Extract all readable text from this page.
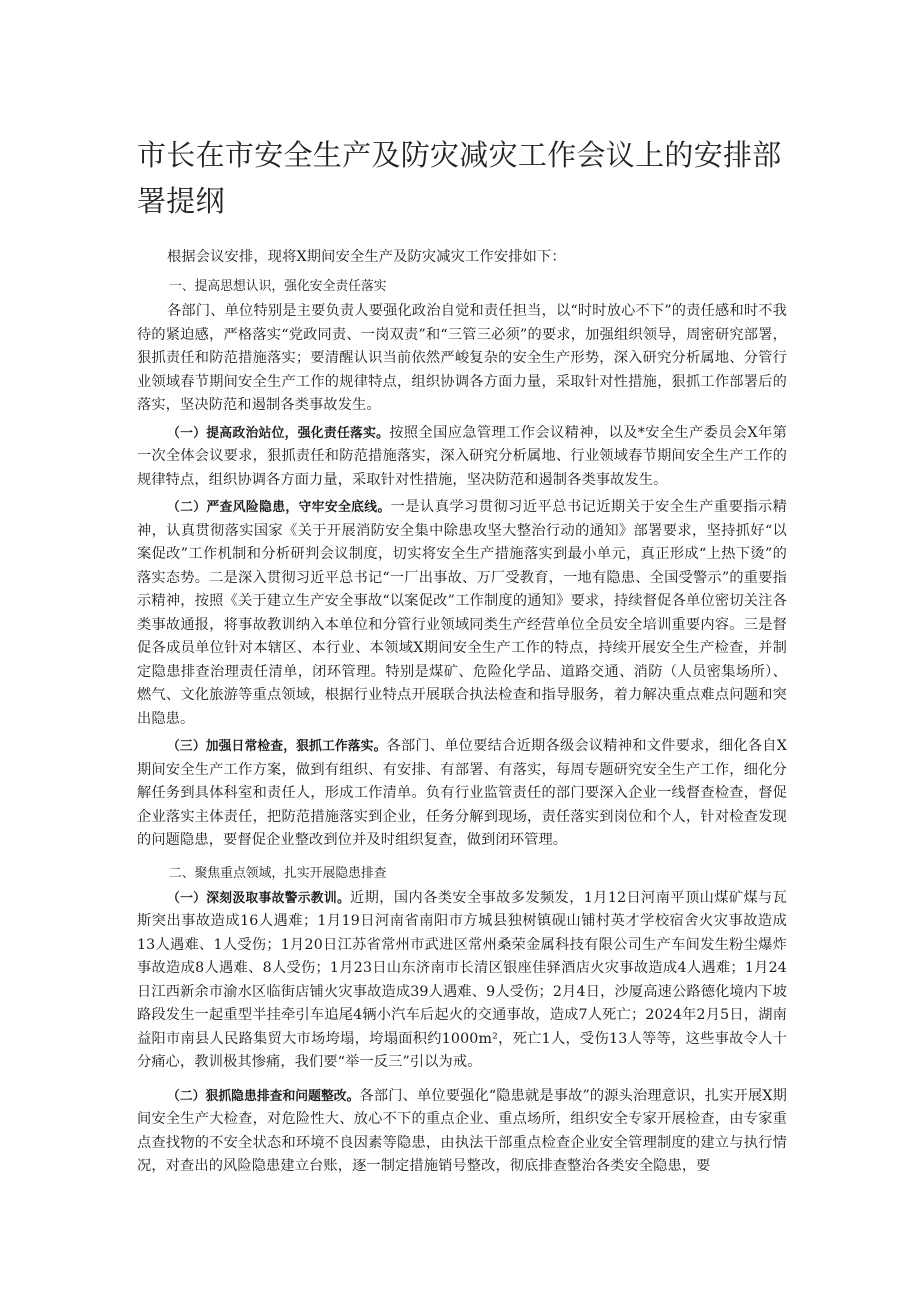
市长在市安全生产及防灾减灾工作会议上的安排部署提纲

根据会议安排，现将X期间安全生产及防灾减灾工作安排如下：

一、提高思想认识，强化安全责任落实

各部门、单位特别是主要负责人要强化政治自觉和责任担当，以“时时放心不下”的责任感和时不我待的紧迫感，严格落实“党政同责、一岗双责”和“三管三必须”的要求，加强组织领导，周密研究部署，狠抓责任和防范措施落实；要清醒认识当前依然严峻复杂的安全生产形势，深入研究分析属地、分管行业领域春节期间安全生产工作的规律特点，组织协调各方面力量，采取针对性措施，狠抓工作部署后的落实，坚决防范和遏制各类事故发生。

（一）提高政治站位，强化责任落实。按照全国应急管理工作会议精神，以及*安全生产委员会X年第一次全体会议要求，狠抓责任和防范措施落实，深入研究分析属地、行业领域春节期间安全生产工作的规律特点，组织协调各方面力量，采取针对性措施，坚决防范和遏制各类事故发生。

（二）严查风险隐患，守牢安全底线。一是认真学习贯彻习近平总书记近期关于安全生产重要指示精神，认真贯彻落实国家《关于开展消防安全集中除患攻坚大整治行动的通知》部署要求，坚持抓好“以案促改”工作机制和分析研判会议制度，切实将安全生产措施落实到最小单元，真正形成“上热下烫”的落实态势。二是深入贯彻习近平总书记“一厂出事故、万厂受教育，一地有隐患、全国受警示”的重要指示精神，按照《关于建立生产安全事故“以案促改”工作制度的通知》要求，持续督促各单位密切关注各类事故通报，将事故教训纳入本单位和分管行业领域同类生产经营单位全员安全培训重要内容。三是督促各成员单位针对本辖区、本行业、本领域X期间安全生产工作的特点，持续开展安全生产检查，并制定隐患排查治理责任清单，闭环管理。特别是煤矿、危险化学品、道路交通、消防（人员密集场所）、燃气、文化旅游等重点领域，根据行业特点开展联合执法检查和指导服务，着力解决重点难点问题和突出隐患。

（三）加强日常检查，狠抓工作落实。各部门、单位要结合近期各级会议精神和文件要求，细化各自X期间安全生产工作方案，做到有组织、有安排、有部署、有落实，每周专题研究安全生产工作，细化分解任务到具体科室和责任人，形成工作清单。负有行业监管责任的部门要深入企业一线督查检查，督促企业落实主体责任，把防范措施落实到企业，任务分解到现场，责任落实到岗位和个人，针对检查发现的问题隐患，要督促企业整改到位并及时组织复查，做到闭环管理。

二、聚焦重点领域，扎实开展隐患排查

（一）深刻汲取事故警示教训。近期，国内各类安全事故多发频发，1月12日河南平顶山煤矿煤与瓦斯突出事故造成16人遇难；1月19日河南省南阳市方城县独树镇砚山铺村英才学校宿舍火灾事故造成13人遇难、1人受伤；1月20日江苏省常州市武进区常州桑荣金属科技有限公司生产车间发生粉尘爆炸事故造成8人遇难、8人受伤；1月23日山东济南市长清区银座佳驿酒店火灾事故造成4人遇难；1月24日江西新余市渝水区临街店铺火灾事故造成39人遇难、9人受伤；2月4日，沙厦高速公路德化境内下坡路段发生一起重型半挂牵引车追尾4辆小汽车后起火的交通事故，造成7人死亡；2024年2月5日，湖南益阳市南县人民路集贸大市场垮塌，垮塌面积约1000m²，死亡1人，受伤13人等等，这些事故令人十分痛心，教训极其惨痛，我们要“举一反三”引以为戒。

（二）狠抓隐患排查和问题整改。各部门、单位要强化“隐患就是事故”的源头治理意识，扎实开展X期间安全生产大检查，对危险性大、放心不下的重点企业、重点场所，组织安全专家开展检查，由专家重点查找物的不安全状态和环境不良因素等隐患，由执法干部重点检查企业安全管理制度的建立与执行情况，对查出的风险隐患建立台账，逐一制定措施销号整改，彻底排查整治各类安全隐患，要
